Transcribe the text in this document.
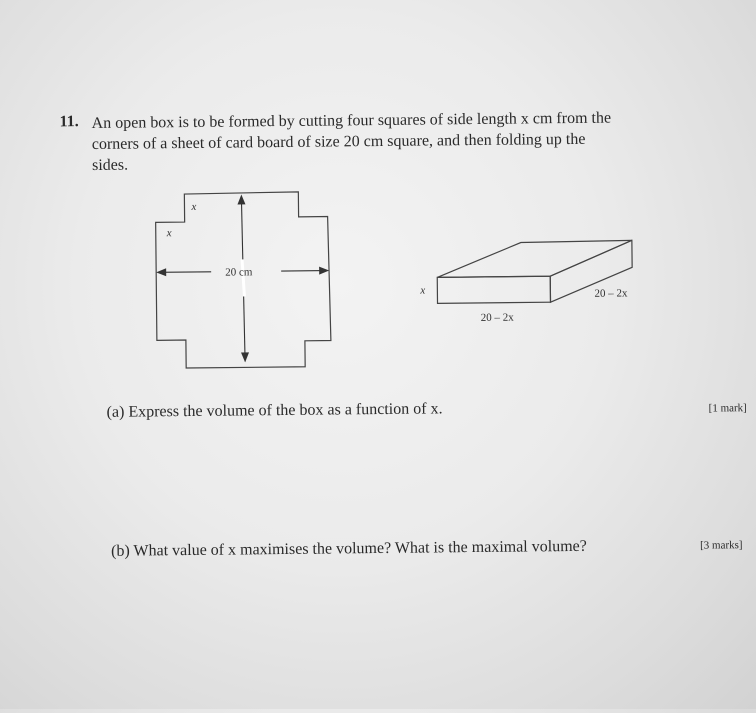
11. An open box is to be formed by cutting four squares of side length x cm from the
corners of a sheet of card board of size 20 cm square, and then folding up the
sides.
20 cm
x
x
x
20 – 2x
20 – 2x
(a) Express the volume of the box as a function of x.	[1 mark]
(b) What value of x maximises the volume? What is the maximal volume?	[3 marks]
